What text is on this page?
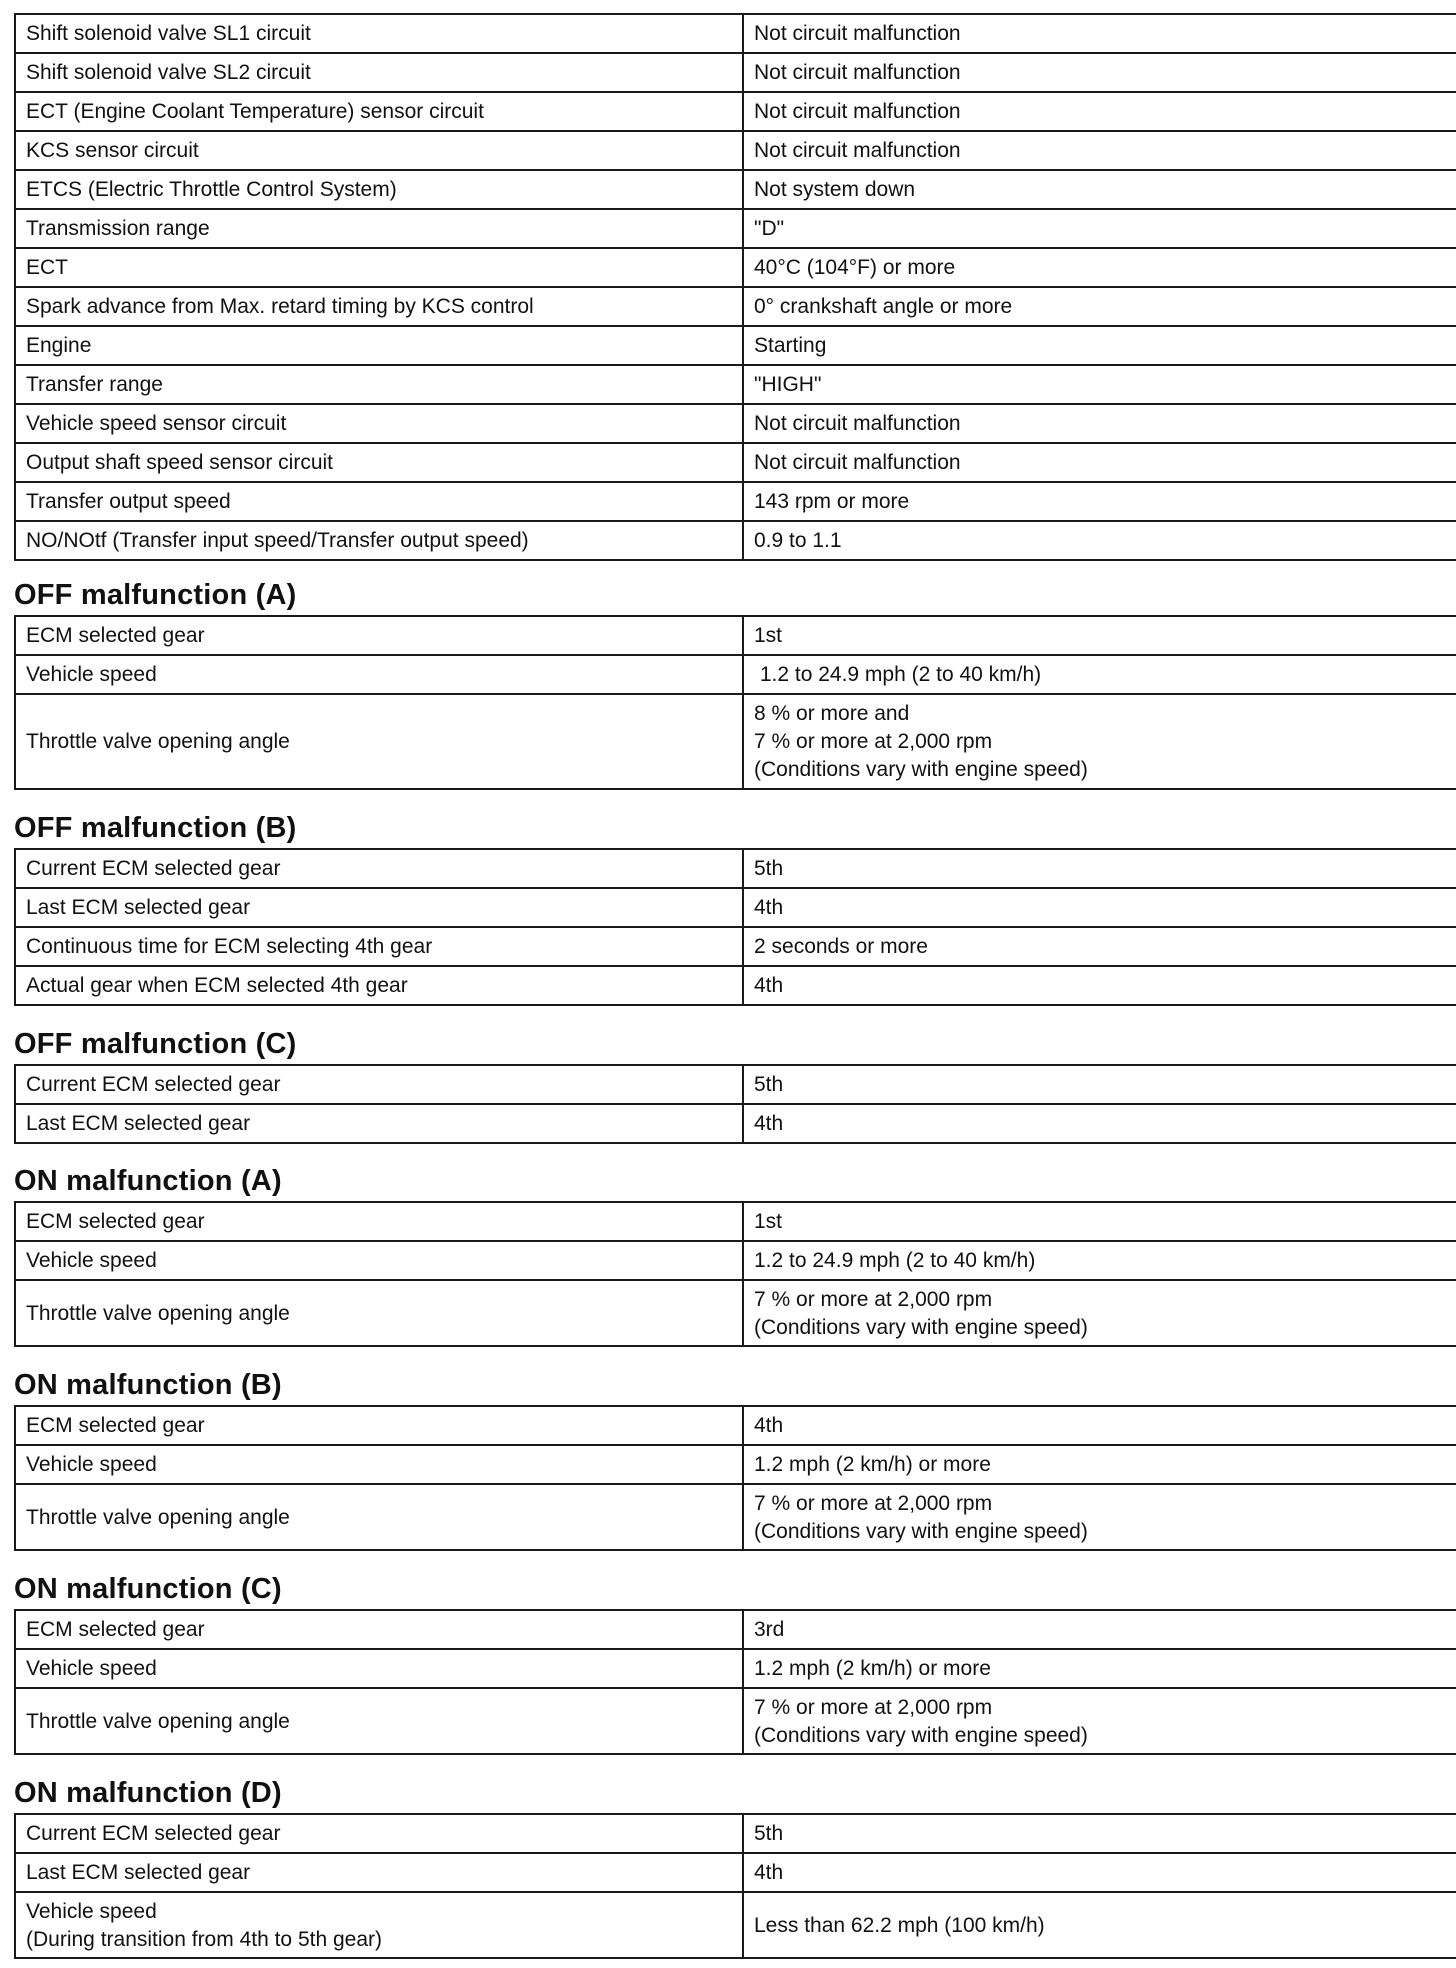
Shift solenoid valve SL1 circuit	Not circuit malfunction
Shift solenoid valve SL2 circuit	Not circuit malfunction
ECT (Engine Coolant Temperature) sensor circuit	Not circuit malfunction
KCS sensor circuit	Not circuit malfunction
ETCS (Electric Throttle Control System)	Not system down
Transmission range	"D"
ECT	40°C (104°F) or more
Spark advance from Max. retard timing by KCS control	0° crankshaft angle or more
Engine	Starting
Transfer range	"HIGH"
Vehicle speed sensor circuit	Not circuit malfunction
Output shaft speed sensor circuit	Not circuit malfunction
Transfer output speed	143 rpm or more
NO/NOtf (Transfer input speed/Transfer output speed)	0.9 to 1.1
OFF malfunction (A)
ECM selected gear	1st
Vehicle speed	1.2 to 24.9 mph (2 to 40 km/h)
Throttle valve opening angle	8 % or more and
7 % or more at 2,000 rpm
(Conditions vary with engine speed)
OFF malfunction (B)
Current ECM selected gear	5th
Last ECM selected gear	4th
Continuous time for ECM selecting 4th gear	2 seconds or more
Actual gear when ECM selected 4th gear	4th
OFF malfunction (C)
Current ECM selected gear	5th
Last ECM selected gear	4th
ON malfunction (A)
ECM selected gear	1st
Vehicle speed	1.2 to 24.9 mph (2 to 40 km/h)
Throttle valve opening angle	7 % or more at 2,000 rpm
(Conditions vary with engine speed)
ON malfunction (B)
ECM selected gear	4th
Vehicle speed	1.2 mph (2 km/h) or more
Throttle valve opening angle	7 % or more at 2,000 rpm
(Conditions vary with engine speed)
ON malfunction (C)
ECM selected gear	3rd
Vehicle speed	1.2 mph (2 km/h) or more
Throttle valve opening angle	7 % or more at 2,000 rpm
(Conditions vary with engine speed)
ON malfunction (D)
Current ECM selected gear	5th
Last ECM selected gear	4th

Vehicle speed
(During transition from 4th to 5th gear)	Less than 62.2 mph (100 km/h)
